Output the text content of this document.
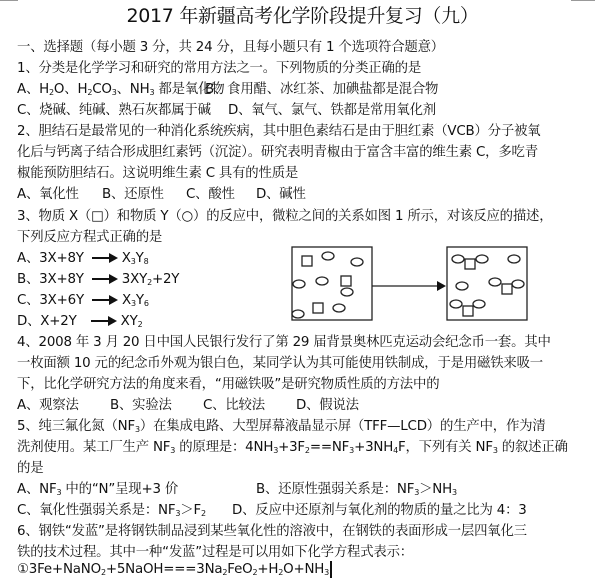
2017 年新疆高考化学阶段提升复习（九）
一、选择题（每小题 3 分，共 24 分，且每小题只有 1 个选项符合题意）
1、分类是化学学习和研究的常用方法之一。下列物质的分类正确的是
A、$H_2O$、$H_2CO_3$、$NH_3$ 都是氧化物
B、食用醋、冰红茶、加碘盐都是混合物
C、烧碱、纯碱、熟石灰都属于碱 D、氧气、氯气、铁都是常用氧化剂
2、胆结石是最常见的一种消化系统疾病，其中胆色素结石是由于胆红素（VCB）分子被氧
化后与钙离子结合形成胆红素钙（沉淀）。研究表明青椒由于富含丰富的维生素 C，多吃青
椒能预防胆结石。这说明维生素 C 具有的性质是
A、氧化性 B、还原性 C、酸性 D、碱性
3、物质 X（□）和物质 Y（○）的反应中，微粒之间的关系如图 1 所示，对该反应的描述，
下列反应方程式正确的是
A、3X+8Y	$X_3Y_8$
B、3X+8Y	$3XY_2+2Y$
C、3X+6Y	$X_3Y_6$
D、X+2Y	$XY_2$
4、2008 年 3 月 20 日中国人民银行发行了第 29 届背景奥林匹克运动会纪念币一套。其中
一枚面额 10 元的纪念币外观为银白色，某同学认为其可能使用铁制成，于是用磁铁来吸一
下，比化学研究方法的角度来看，“用磁铁吸”是研究物质性质的方法中的
A、观察法 B、实验法 C、比较法 D、假说法
5、纯三氟化氮$(NF_3)$在集成电路、大型屏幕液晶显示屏（TFF—LCD）的生产中，作为清
洗剂使用。某工厂生产 $NF_3$ 的原理是：$4NH_3+3F_2==NF_3+3NH_4F$，下列有关 $NF_3$ 的叙述正确
的是
A、$NF_3$ 中的“N”呈现+3 价	B、还原性强弱关系是：$NF_3>NH_3$
C、氧化性强弱关系是：$NF_3>F_2$ D、反应中还原剂与氧化剂的物质的量之比为 4：3
6、钢铁“发蓝”是将钢铁制品浸到某些氧化性的溶液中，在钢铁的表面形成一层四氧化三
铁的技术过程。其中一种“发蓝”过程是可以用如下化学方程式表示：
$①3Fe+NaNO_2+5NaOH===3Na_2FeO_2+H_2O+NH_3$
